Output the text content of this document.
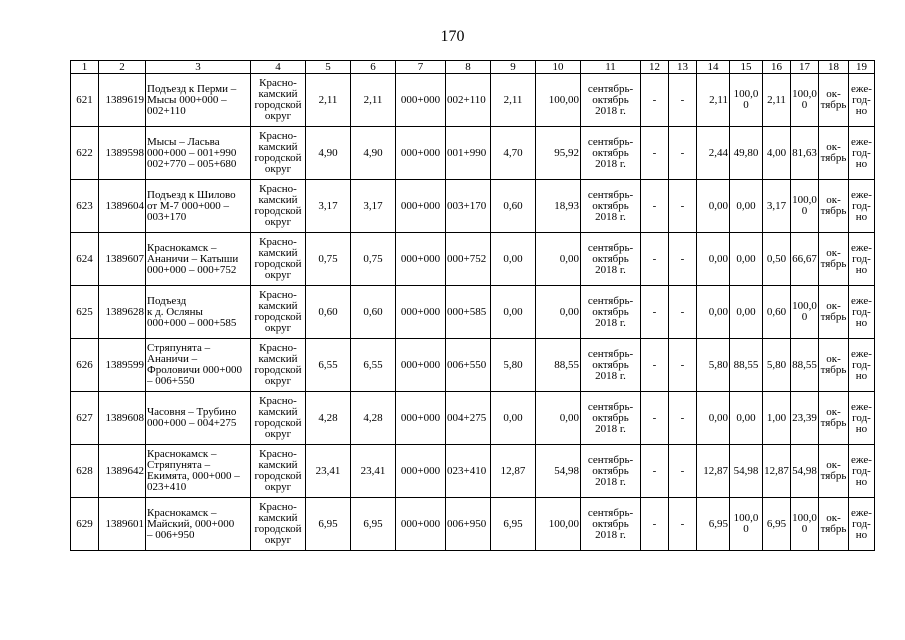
170
1	2	3	4	5	6	7	8	9	10	11	12	13	14	15	16	17	18	19
621	1389619	Подъезд к Перми –
Мысы 000+000 –
002+110	Красно-
камский
городской
округ	2,11	2,11	000+000	002+110	2,11	100,00	сентябрь-
октябрь
2018 г.	-	-	2,11	100,00	2,11	100,0
0	ок-
тябрь	еже-
год-
но
622	1389598	Мысы – Ласьва
000+000 – 001+990
002+770 – 005+680	Красно-
камский
городской
округ	4,90	4,90	000+000	001+990	4,70	95,92	сентябрь-
октябрь
2018 г.	-	-	2,44	49,80	4,00	81,63	ок-
тябрь	еже-
год-
но
623	1389604	Подъезд к Шилово
от М-7 000+000 –
003+170	Красно-
камский
городской
округ	3,17	3,17	000+000	003+170	0,60	18,93	сентябрь-
октябрь
2018 г.	-	-	0,00	0,00	3,17	100,0
0	ок-
тябрь	еже-
год-
но
624	1389607	Краснокамск –
Ананичи – Катыши
000+000 – 000+752	Красно-
камский
городской
округ	0,75	0,75	000+000	000+752	0,00	0,00	сентябрь-
октябрь
2018 г.	-	-	0,00	0,00	0,50	66,67	ок-
тябрь	еже-
год-
но
625	1389628	Подъезд
к д. Осляны
000+000 – 000+585	Красно-
камский
городской
округ	0,60	0,60	000+000	000+585	0,00	0,00	сентябрь-
октябрь
2018 г.	-	-	0,00	0,00	0,60	100,0
0	ок-
тябрь	еже-
год-
но
626	1389599	Стряпунята –
Ананичи –
Фроловичи 000+000
– 006+550	Красно-
камский
городской
округ	6,55	6,55	000+000	006+550	5,80	88,55	сентябрь-
октябрь
2018 г.	-	-	5,80	88,55	5,80	88,55	ок-
тябрь	еже-
год-
но
627	1389608	Часовня – Трубино
000+000 – 004+275	Красно-
камский
городской
округ	4,28	4,28	000+000	004+275	0,00	0,00	сентябрь-
октябрь
2018 г.	-	-	0,00	0,00	1,00	23,39	ок-
тябрь	еже-
год-
но
628	1389642	Краснокамск –
Стряпунята –
Екимята, 000+000 –
023+410	Красно-
камский
городской
округ	23,41	23,41	000+000	023+410	12,87	54,98	сентябрь-
октябрь
2018 г.	-	-	12,87	54,98	12,87	54,98	ок-
тябрь	еже-
год-
но
629	1389601	Краснокамск –
Майский, 000+000
– 006+950	Красно-
камский
городской
округ	6,95	6,95	000+000	006+950	6,95	100,00	сентябрь-
октябрь
2018 г.	-	-	6,95	100,00	6,95	100,0
0	ок-
тябрь	еже-
год-
но
